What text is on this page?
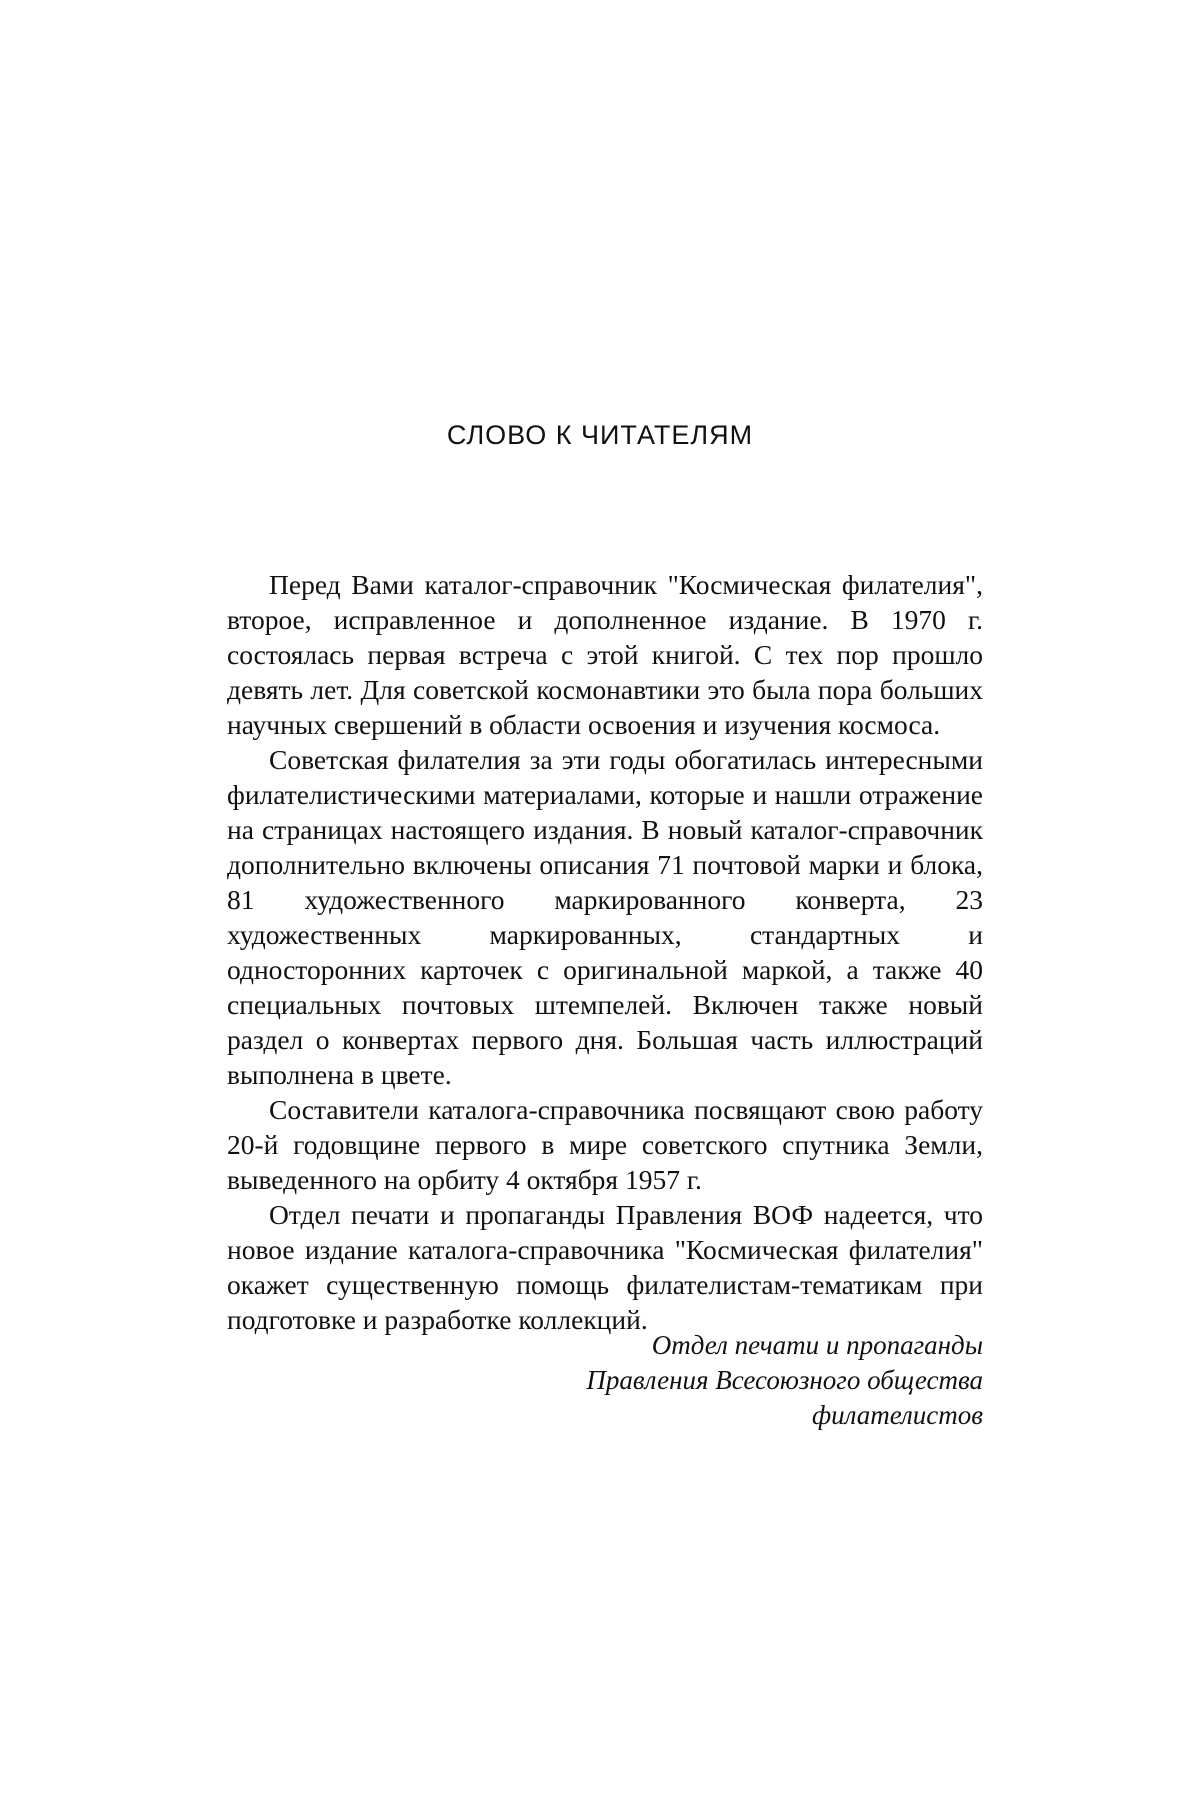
СЛОВО К ЧИТАТЕЛЯМ

Перед Вами каталог-справочник "Космическая филателия", второе, исправленное и дополненное издание. В 1970 г. состоялась первая встреча с этой книгой. С тех пор прошло девять лет. Для советской космонавтики это была пора больших научных свершений в области освоения и изучения космоса.

Советская филателия за эти годы обогатилась интересными филателистическими материалами, которые и нашли отражение на страницах настоящего издания. В новый каталог-справочник дополнительно включены описания 71 почтовой марки и блока, 81 художественного маркированного конверта, 23 художественных маркированных, стандартных и односторонних карточек с оригинальной маркой, а также 40 специальных почтовых штемпелей. Включен также новый раздел о конвертах первого дня. Большая часть иллюстраций выполнена в цвете.

Составители каталога-справочника посвящают свою работу 20-й годовщине первого в мире советского спутника Земли, выведенного на орбиту 4 октября 1957 г.

Отдел печати и пропаганды Правления ВОФ надеется, что новое издание каталога-справочника "Космическая филателия" окажет существенную помощь филателистам-тематикам при подготовке и разработке коллекций.

Отдел печати и пропаганды
Правления Всесоюзного общества
филателистов
